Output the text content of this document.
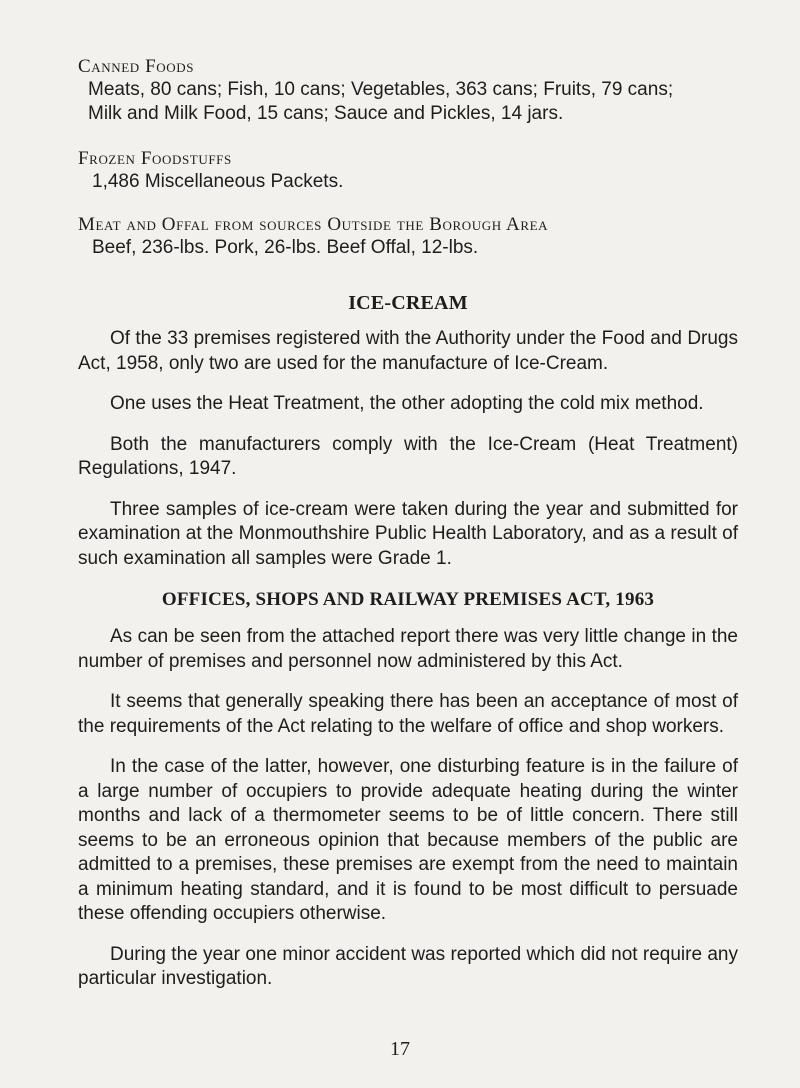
Canned Foods
Meats, 80 cans; Fish, 10 cans; Vegetables, 363 cans; Fruits, 79 cans;
Milk and Milk Food, 15 cans; Sauce and Pickles, 14 jars.
Frozen Foodstuffs
1,486 Miscellaneous Packets.
Meat and Offal from sources Outside the Borough Area
Beef, 236-lbs. Pork, 26-lbs. Beef Offal, 12-lbs.
ICE-CREAM

Of the 33 premises registered with the Authority under the Food and Drugs Act, 1958, only two are used for the manufacture of Ice-Cream.

One uses the Heat Treatment, the other adopting the cold mix method.

Both the manufacturers comply with the Ice-Cream (Heat Treatment) Regulations, 1947.

Three samples of ice-cream were taken during the year and submitted for examination at the Monmouthshire Public Health Laboratory, and as a result of such examination all samples were Grade 1.

OFFICES, SHOPS AND RAILWAY PREMISES ACT, 1963

As can be seen from the attached report there was very little change in the number of premises and personnel now administered by this Act.

It seems that generally speaking there has been an acceptance of most of the requirements of the Act relating to the welfare of office and shop workers.

In the case of the latter, however, one disturbing feature is in the failure of a large number of occupiers to provide adequate heating during the winter months and lack of a thermometer seems to be of little concern. There still seems to be an erroneous opinion that because members of the public are admitted to a premises, these premises are exempt from the need to maintain a minimum heating standard, and it is found to be most difficult to persuade these offending occupiers otherwise.

During the year one minor accident was reported which did not require any particular investigation.

17
